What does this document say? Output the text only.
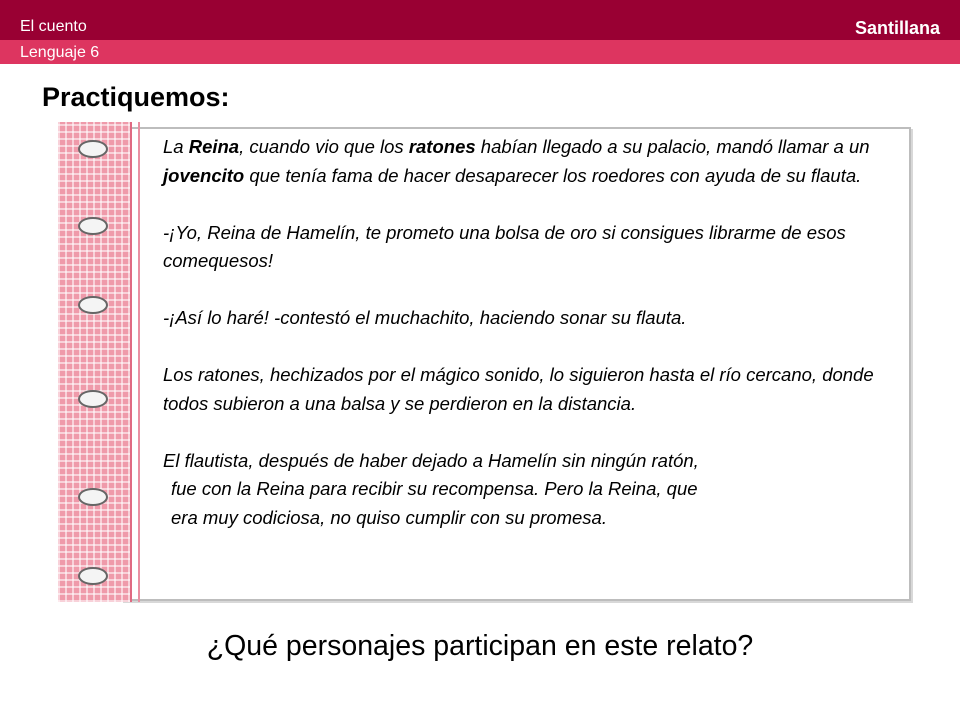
El cuento
Lenguaje 6
Santillana
Practiquemos:

La Reina, cuando vio que los ratones habían llegado a su palacio, mandó llamar a un jovencito que tenía fama de hacer desaparecer los roedores con ayuda de su flauta.

-¡Yo, Reina de Hamelín, te prometo una bolsa de oro si consigues librarme de esos comequesos!

-¡Así lo haré! -contestó el muchachito, haciendo sonar su flauta.

Los ratones, hechizados por el mágico sonido, lo siguieron hasta el río cercano, donde todos subieron a una balsa y se perdieron en la distancia.

El flautista, después de haber dejado a Hamelín sin ningún ratón,
fue con la Reina para recibir su recompensa. Pero la Reina, que
era muy codiciosa, no quiso cumplir con su promesa.

¿Qué personajes participan en este relato?
